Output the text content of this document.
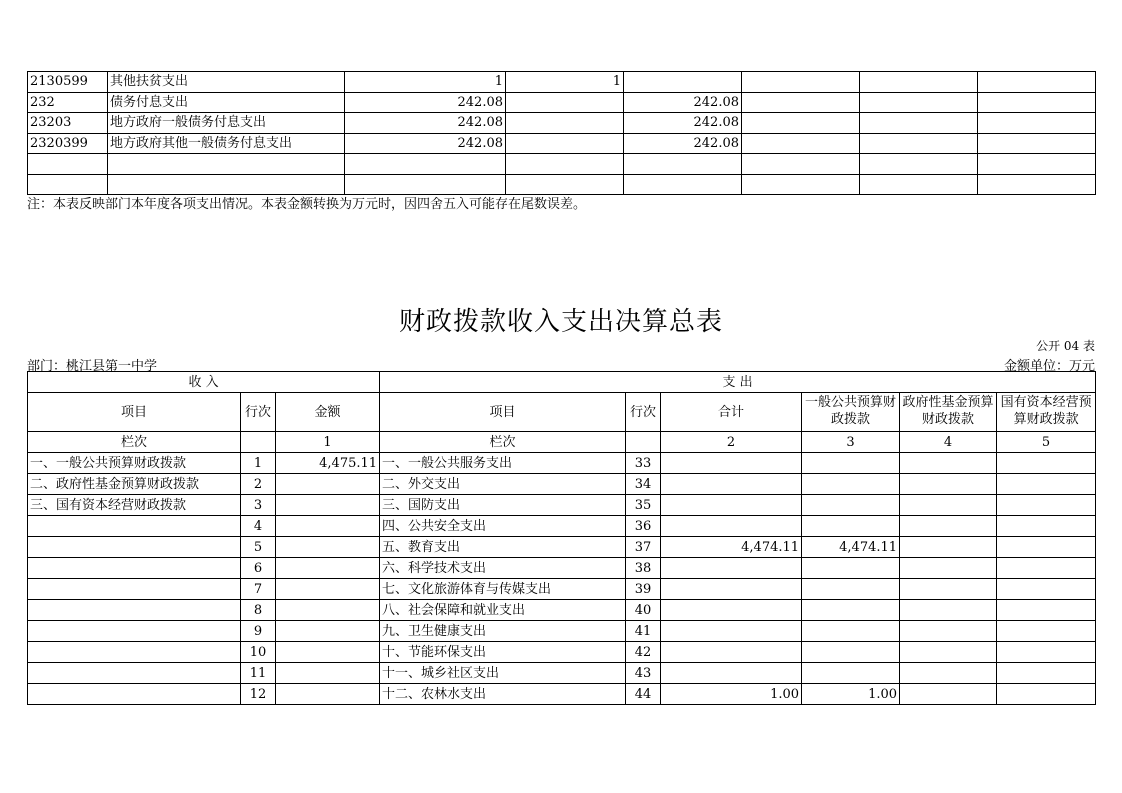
2130599	其他扶贫支出	1	1				
232	债务付息支出	242.08		242.08			
23203	地方政府一般债务付息支出	242.08		242.08			
2320399	地方政府其他一般债务付息支出	242.08		242.08			

注：本表反映部门本年度各项支出情况。本表金额转换为万元时，因四舍五入可能存在尾数误差。
财政拨款收入支出决算总表
公开 04 表
部门：桃江县第一中学	金额单位：万元
收 入			支 出					
项目	行次	金额	项目	行次	合计	一般公共预算财政拨款	政府性基金预算财政拨款	国有资本经营预算财政拨款
栏次		1	栏次		2	3	4	5
一、一般公共预算财政拨款	1	4,475.11	一、一般公共服务支出	33				
二、政府性基金预算财政拨款	2		二、外交支出	34				
三、国有资本经营财政拨款	3		三、国防支出	35				
	4		四、公共安全支出	36				
	5		五、教育支出	37	4,474.11	4,474.11		
	6		六、科学技术支出	38				
	7		七、文化旅游体育与传媒支出	39				
	8		八、社会保障和就业支出	40				
	9		九、卫生健康支出	41				
	10		十、节能环保支出	42				
	11		十一、城乡社区支出	43				
	12		十二、农林水支出	44	1.00	1.00		
